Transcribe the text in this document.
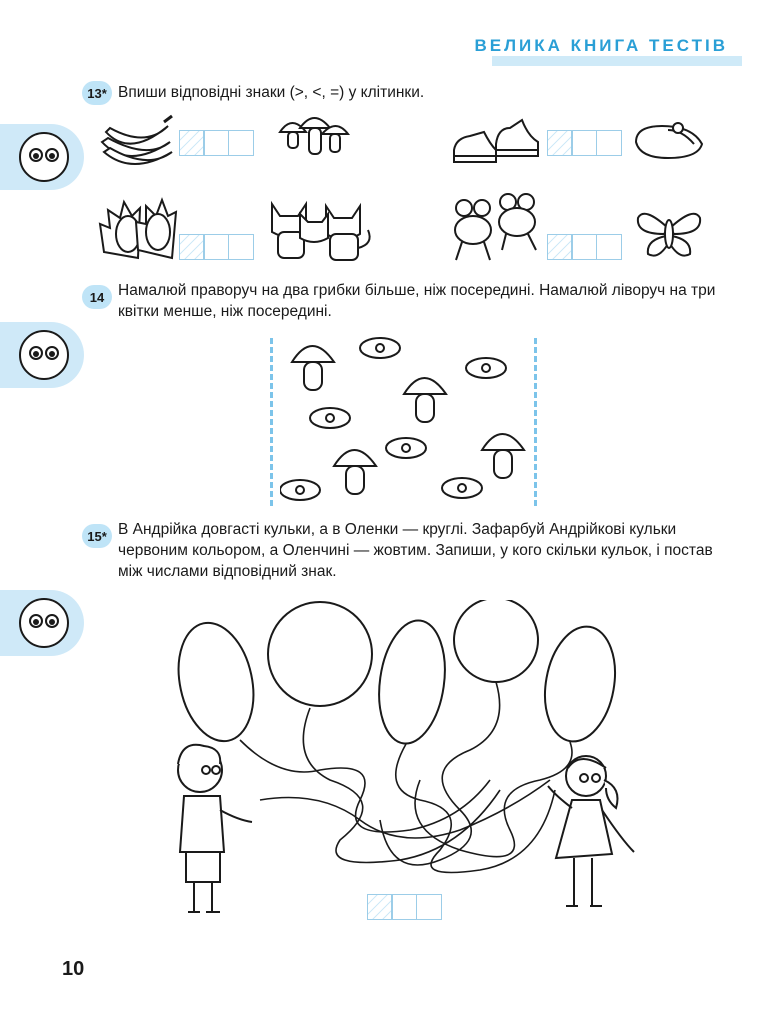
ВЕЛИКА КНИГА ТЕСТІВ
13* Впиши відповідні знаки (>, <, =) у клітинки.
14 Намалюй праворуч на два грибки більше, ніж посередині. Намалюй ліворуч на три квітки менше, ніж посередині.
15* В Андрійка довгасті кульки, а в Оленки — круглі. Зафарбуй Андрійкові кульки червоним кольором, а Оленчині — жовтим. Запиши, у кого скільки кульок, і постав між числами відповідний знак.
10
